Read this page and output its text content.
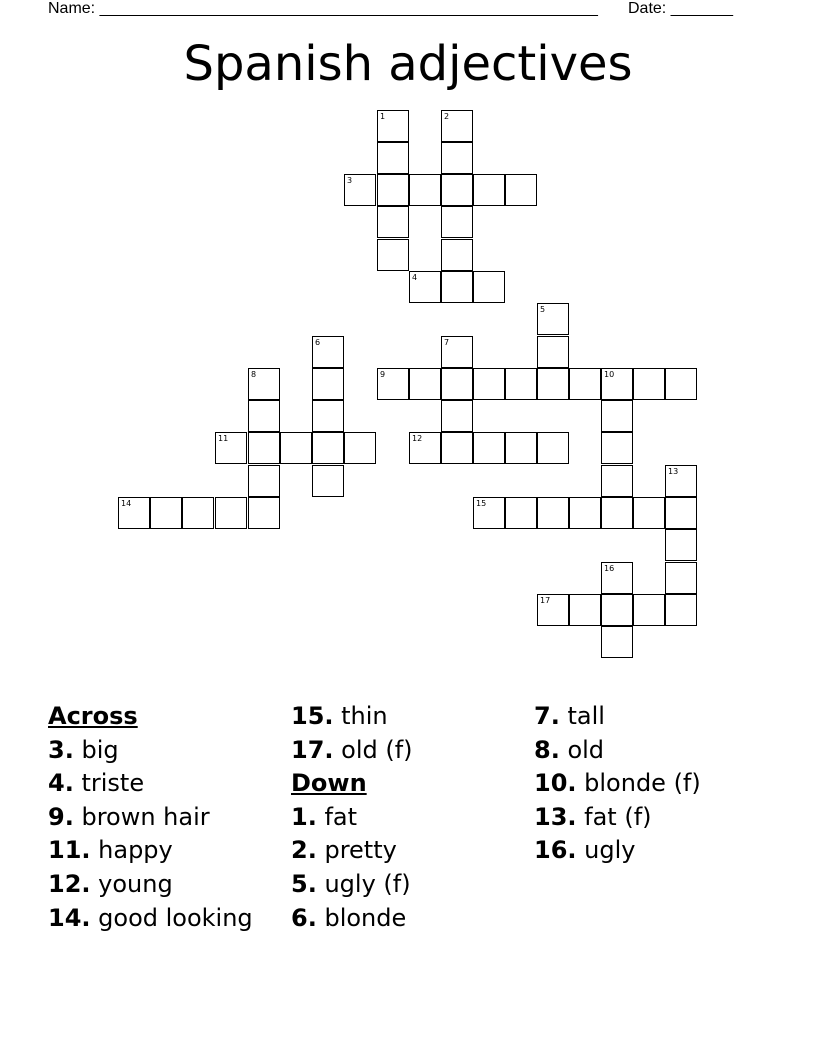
Name: ________________________________________________________ Date: _______
Spanish adjectives
1	2
3
4
5
6	7
8	9	10
11	12
13
14	15
16
17
Across
3. big
4. triste
9. brown hair
11. happy
12. young
14. good looking
15. thin
17. old (f)
Down
1. fat
2. pretty
5. ugly (f)
6. blonde
7. tall
8. old
10. blonde (f)
13. fat (f)
16. ugly
